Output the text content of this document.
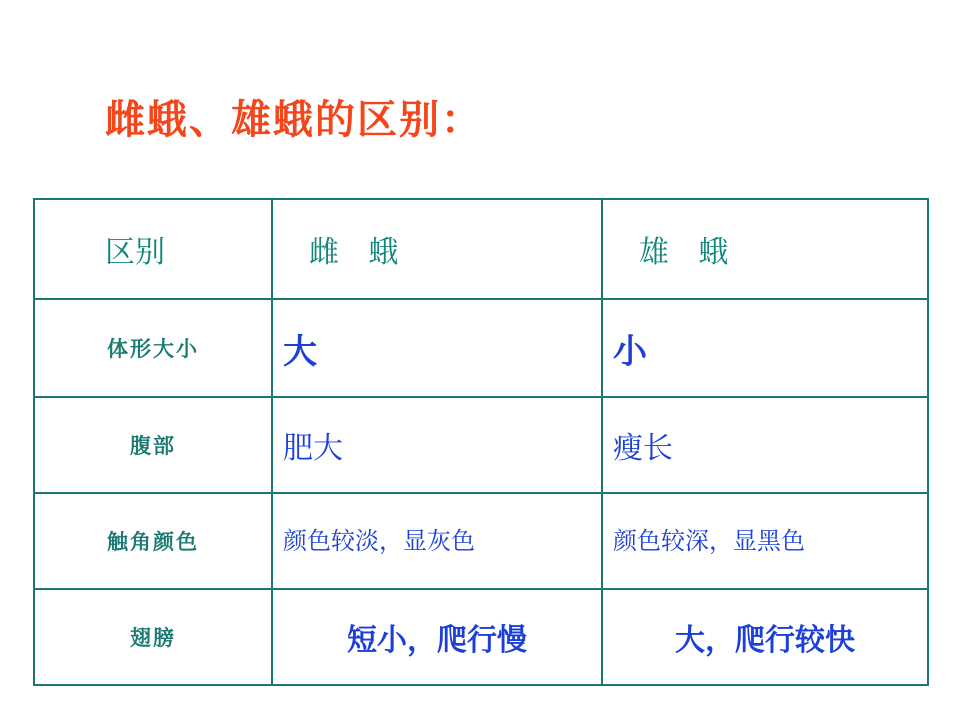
雌蛾、雄蛾的区别：
区别	雌 蛾	雄 蛾
体形大小	大	小
腹部	肥大	瘦长
触角颜色	颜色较淡，显灰色	颜色较深，显黑色
翅膀	短小，爬行慢	大，爬行较快
